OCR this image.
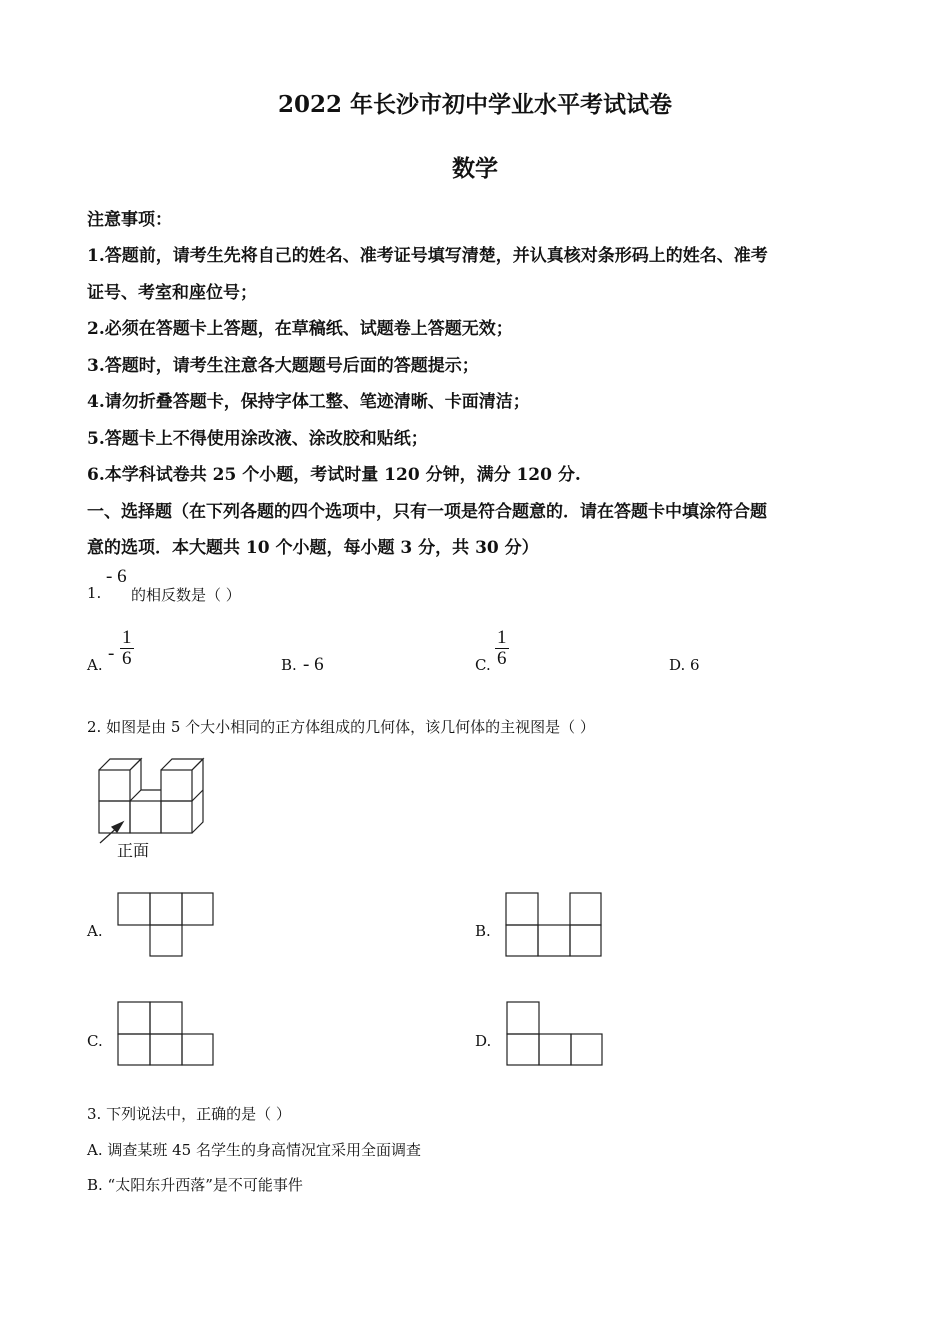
2022 年长沙市初中学业水平考试试卷
数学
注意事项：
1.答题前，请考生先将自己的姓名、准考证号填写清楚，并认真核对条形码上的姓名、准考
证号、考室和座位号；
2.必须在答题卡上答题，在草稿纸、试题卷上答题无效；
3.答题时，请考生注意各大题题号后面的答题提示；
4.请勿折叠答题卡，保持字体工整、笔迹清晰、卡面清洁；
5.答题卡上不得使用涂改液、涂改胶和贴纸；
6.本学科试卷共 25 个小题，考试时量 120 分钟，满分 120 分.
一、选择题（在下列各题的四个选项中，只有一项是符合题意的．请在答题卡中填涂符合题
意的选项．本大题共 10 个小题，每小题 3 分，共 30 分）
1.
- 6
的相反数是（ ）
A.
- $\frac{1}{6}$	B. - 6	C. $\frac{1}{6}$	D. 6
2. 如图是由 5 个大小相同的正方体组成的几何体，该几何体的主视图是（ ）
正面
A.	B.
C.	D.
3. 下列说法中，正确的是（ ）
A. 调查某班 45 名学生的身高情况宜采用全面调查
B. “太阳东升西落”是不可能事件
